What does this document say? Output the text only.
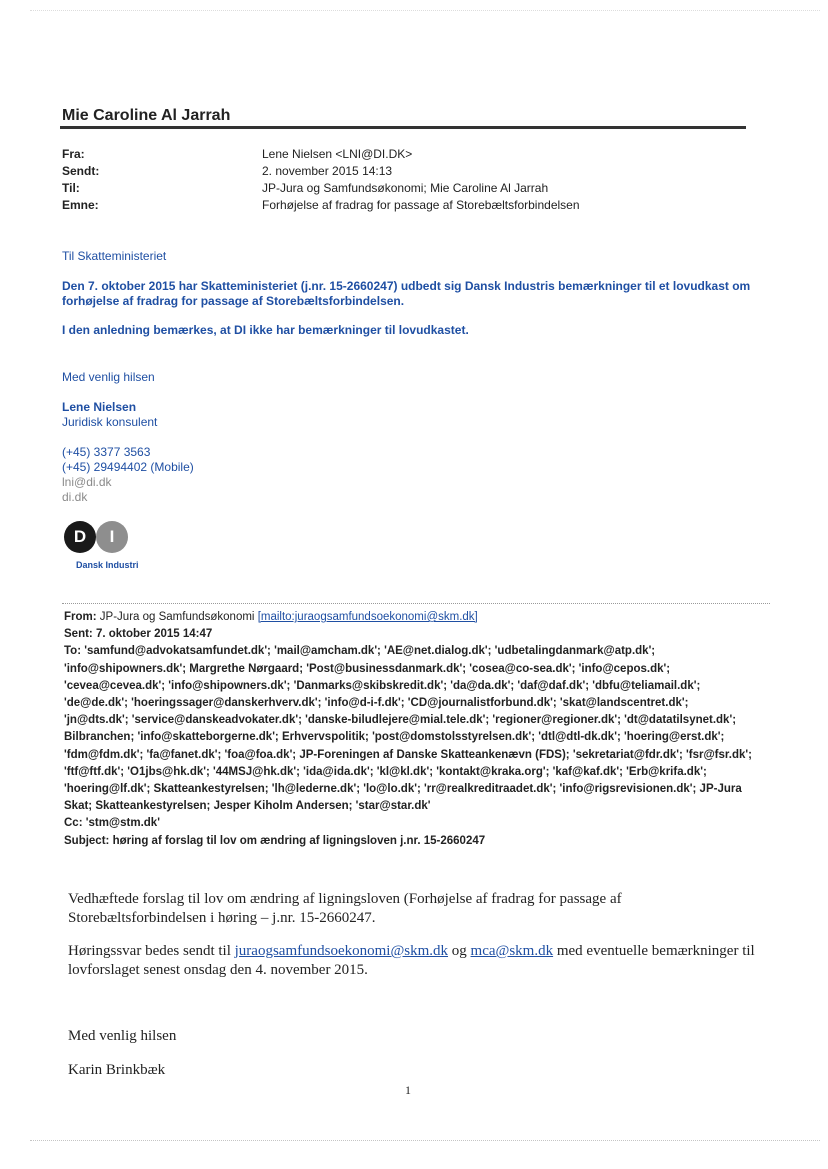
Mie Caroline Al Jarrah
Fra:	Lene Nielsen <LNI@DI.DK>
Sendt:	2. november 2015 14:13
Til:	JP-Jura og Samfundsøkonomi; Mie Caroline Al Jarrah
Emne:	Forhøjelse af fradrag for passage af Storebæltsforbindelsen
Til Skatteministeriet
Den 7. oktober 2015 har Skatteministeriet (j.nr. 15-2660247) udbedt sig Dansk Industris bemærkninger til et lovudkast om forhøjelse af fradrag for passage af Storebæltsforbindelsen.
I den anledning bemærkes, at DI ikke har bemærkninger til lovudkastet.
Med venlig hilsen
Lene Nielsen
Juridisk konsulent
(+45) 3377 3563
(+45) 29494402 (Mobile)
lni@di.dk
di.dk
D	I
Dansk Industri
From: JP-Jura og Samfundsøkonomi [mailto:juraogsamfundsoekonomi@skm.dk]
Sent: 7. oktober 2015 14:47
To: 'samfund@advokatsamfundet.dk'; 'mail@amcham.dk'; 'AE@net.dialog.dk'; 'udbetalingdanmark@atp.dk'; 'info@shipowners.dk'; Margrethe Nørgaard; 'Post@businessdanmark.dk'; 'cosea@co-sea.dk'; 'info@cepos.dk'; 'cevea@cevea.dk'; 'info@shipowners.dk'; 'Danmarks@skibskredit.dk'; 'da@da.dk'; 'daf@daf.dk'; 'dbfu@teliamail.dk'; 'de@de.dk'; 'hoeringssager@danskerhverv.dk'; 'info@d-i-f.dk'; 'CD@journalistforbund.dk'; 'skat@landscentret.dk'; 'jn@dts.dk'; 'service@danskeadvokater.dk'; 'danske-biludlejere@mial.tele.dk'; 'regioner@regioner.dk'; 'dt@datatilsynet.dk'; Bilbranchen; 'info@skatteborgerne.dk'; Erhvervspolitik; 'post@domstolsstyrelsen.dk'; 'dtl@dtl-dk.dk'; 'hoering@erst.dk'; 'fdm@fdm.dk'; 'fa@fanet.dk'; 'foa@foa.dk'; JP-Foreningen af Danske Skatteankenævn (FDS); 'sekretariat@fdr.dk'; 'fsr@fsr.dk'; 'ftf@ftf.dk'; 'O1jbs@hk.dk'; '44MSJ@hk.dk'; 'ida@ida.dk'; 'kl@kl.dk'; 'kontakt@kraka.org'; 'kaf@kaf.dk'; 'Erb@krifa.dk'; 'hoering@lf.dk'; Skatteankestyrelsen; 'lh@lederne.dk'; 'lo@lo.dk'; 'rr@realkreditraadet.dk'; 'info@rigsrevisionen.dk'; JP-Jura Skat; Skatteankestyrelsen; Jesper Kiholm Andersen; 'star@star.dk'
Cc: 'stm@stm.dk'
Subject: høring af forslag til lov om ændring af ligningsloven j.nr. 15-2660247
Vedhæftede forslag til lov om ændring af ligningsloven (Forhøjelse af fradrag for passage af Storebæltsforbindelsen i høring – j.nr. 15-2660247.
Høringssvar bedes sendt til juraogsamfundsoekonomi@skm.dk og mca@skm.dk med eventuelle bemærkninger til lovforslaget senest onsdag den 4. november 2015.
Med venlig hilsen
Karin Brinkbæk
1
